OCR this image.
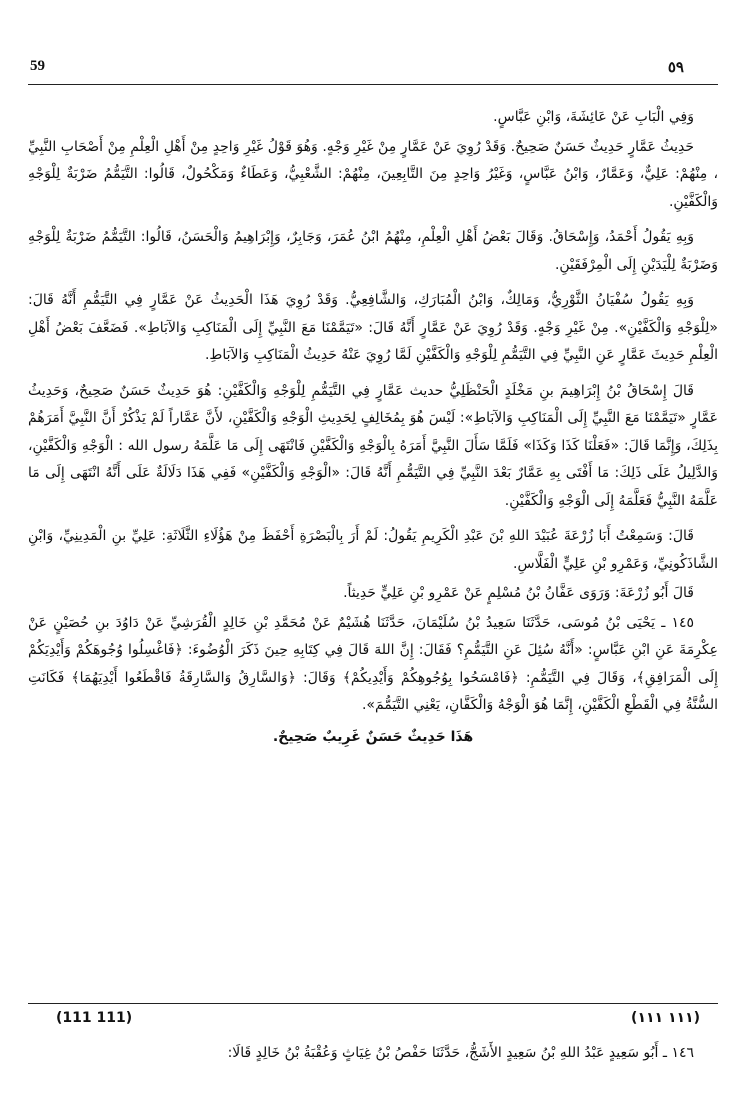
59	٥٩

وَفِي الْبَابِ عَنْ عَائِشَةَ، وَابْنِ عَبَّاسٍ.

حَدِيثُ عَمَّارٍ حَدِيثٌ حَسَنٌ صَحِيحٌ. وَقَدْ رُوِيَ عَنْ عَمَّارٍ مِنْ غَيْرِ وَجْهٍ. وَهُوَ قَوْلُ غَيْرِ وَاحِدٍ مِنْ أَهْلِ الْعِلْمِ مِنْ أَصْحَابِ النَّبِيِّ ، مِنْهُمْ: عَلِيٌّ، وَعَمَّارٌ، وَابْنُ عَبَّاسٍ، وَغَيْرُ وَاحِدٍ مِنَ التَّابِعِينَ، مِنْهُمْ: الشَّعْبِيُّ، وَعَطَاءٌ وَمَكْحُولٌ، قَالُوا: التَّيَمُّمُ ضَرْبَةٌ لِلْوَجْهِ وَالْكَفَّيْنِ.

وَبِهِ يَقُولُ أَحْمَدُ، وَإِسْحَاقُ. وَقَالَ بَعْضُ أَهْلِ الْعِلْمِ، مِنْهُمُ ابْنُ عُمَرَ، وَجَابِرٌ، وَإِبْرَاهِيمُ وَالْحَسَنُ، قَالُوا: التَّيَمُّمُ ضَرْبَةٌ لِلْوَجْهِ وَضَرْبَةٌ لِلْيَدَيْنِ إِلَى الْمِرْفَقَيْنِ.

وَبِهِ يَقُولُ سُفْيَانُ الثَّوْرِيُّ، وَمَالِكٌ، وَابْنُ الْمُبَارَكِ، وَالشَّافِعِيُّ. وَقَدْ رُوِيَ هَذَا الْحَدِيثُ عَنْ عَمَّارٍ فِي التَّيَمُّمِ أَنَّهُ قَالَ: «لِلْوَجْهِ وَالْكَفَّيْنِ». مِنْ غَيْرِ وَجْهٍ. وَقَدْ رُوِيَ عَنْ عَمَّارٍ أَنَّهُ قَالَ: «تَيَمَّمْنَا مَعَ النَّبِيِّ إِلَى الْمَنَاكِبِ وَالآبَاطِ». فَضَعَّفَ بَعْضُ أَهْلِ الْعِلْمِ حَدِيثَ عَمَّارٍ عَنِ النَّبِيِّ فِي التَّيَمُّمِ لِلْوَجْهِ وَالْكَفَّيْنِ لَمَّا رُوِيَ عَنْهُ حَدِيثُ الْمَنَاكِبِ وَالآبَاطِ.

قَالَ إِسْحَاقُ بْنُ إِبْرَاهِيمَ بنِ مَخْلَدٍ الْحَنْظَلِيُّ حديث عَمَّارٍ فِي التَّيَمُّمِ لِلْوَجْهِ وَالْكَفَّيْنِ: هُوَ حَدِيثٌ حَسَنٌ صَحِيحٌ، وَحَدِيثُ عَمَّارٍ «تَيَمَّمْنَا مَعَ النَّبِيِّ إِلَى الْمَنَاكِبِ وَالآبَاطِ»: لَيْسَ هُوَ بِمُخَالِفٍ لِحَدِيثِ الْوَجْهِ وَالْكَفَّيْنِ، لأَنَّ عَمَّاراً لَمْ يَذْكُرْ أَنَّ النَّبِيَّ أَمَرَهُمْ بِذَلِكَ، وَإِنَّمَا قَالَ: «فَعَلْنَا كَذَا وَكَذَا» فَلَمَّا سَأَلَ النَّبِيَّ أَمَرَهُ بِالْوَجْهِ وَالْكَفَّيْنِ فَانْتَهَى إِلَى مَا عَلَّمَهُ رسول الله : الْوَجْهِ وَالْكَفَّيْنِ، وَالدَّلِيلُ عَلَى ذَلِكَ: مَا أَفْتَى بِهِ عَمَّارٌ بَعْدَ النَّبِيِّ فِي التَّيَمُّمِ أَنَّهُ قَالَ: «الْوَجْهِ وَالْكَفَّيْنِ» فَفِي هَذَا دَلَالَةٌ عَلَى أَنَّهُ انْتَهَى إِلَى مَا عَلَّمَهُ النَّبِيُّ فَعَلَّمَهُ إِلَى الْوَجْهِ وَالْكَفَّيْنِ.

قَالَ: وَسَمِعْتُ أَبَا زُرْعَةَ عُبَيْدَ اللهِ بْنَ عَبْدِ الْكَرِيمِ يَقُولُ: لَمْ أَرَ بِالْبَصْرَةِ أَحْفَظَ مِنْ هَؤُلَاءِ الثَّلَاثَةِ: عَلِيِّ بنِ الْمَدِينِيِّ، وَابْنِ الشَّاذَكُونِيِّ، وَعَمْرِو بْنِ عَلِيٍّ الْفَلَّاسِ.

قَالَ أَبُو زُرْعَةَ: وَرَوَى عَفَّانُ بْنُ مُسْلِمٍ عَنْ عَمْرِو بْنِ عَلِيٍّ حَدِيثاً.

١٤٥ ـ يَحْيَى بْنُ مُوسَى، حَدَّثَنَا سَعِيدُ بْنُ سُلَيْمَانَ، حَدَّثَنَا هُشَيْمٌ عَنْ مُحَمَّدِ بْنِ خَالِدٍ الْقُرَشِيِّ عَنْ دَاوُدَ بنِ حُصَيْنٍ عَنْ عِكْرِمَةَ عَنِ ابْنِ عَبَّاسٍ: «أَنَّهُ سُئِلَ عَنِ التَّيَمُّمِ؟ فَقَالَ: إِنَّ اللهَ قَالَ فِي كِتَابِهِ حِينَ ذَكَرَ الْوُضُوءَ: ﴿فَاغْسِلُوا وُجُوهَكُمْ وَأَيْدِيَكُمْ إِلَى الْمَرَافِقِ﴾، وَقَالَ فِي التَّيَمُّمِ: ﴿فَامْسَحُوا بِوُجُوهِكُمْ وَأَيْدِيكُمْ﴾ وَقَالَ: ﴿وَالسَّارِقُ وَالسَّارِقَةُ فَاقْطَعُوا أَيْدِيَهُمَا﴾ فَكَانَتِ السُّنَّةُ فِي الْقَطْعِ الْكَفَّيْنِ، إِنَّمَا هُوَ الْوَجْهُ وَالْكَفَّانِ، يَعْنِي التَّيَمُّمَ».

هَذَا حَدِيثٌ حَسَنٌ غَرِيبٌ صَحِيحٌ.

(111 111)	(١١١ ١١١)
١٤٦ ـ أَبُو سَعِيدٍ عَبْدُ اللهِ بْنُ سَعِيدٍ الأَشَجُّ، حَدَّثَنَا حَفْصُ بْنُ غِيَاثٍ وَعُقْبَةُ بْنُ خَالِدٍ قَالَا:
